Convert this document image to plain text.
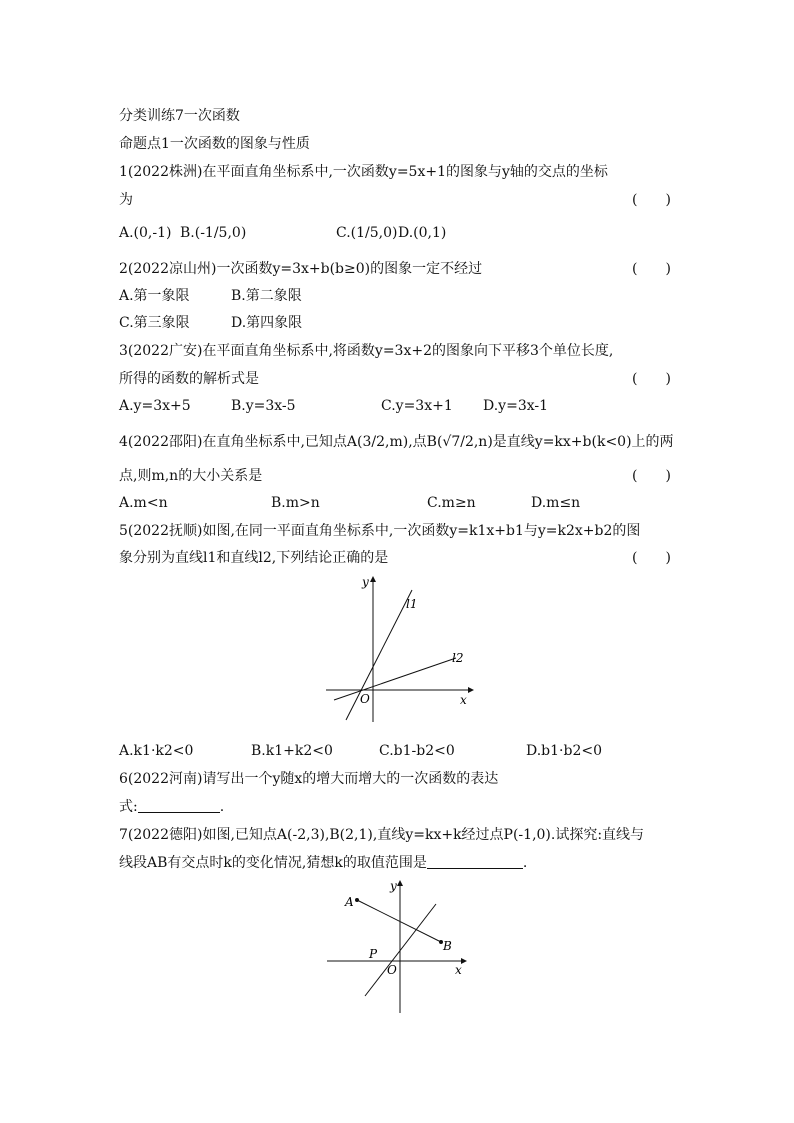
分类训练7一次函数
命题点1一次函数的图象与性质
1(2022株洲)在平面直角坐标系中,一次函数y=5x+1的图象与y轴的交点的坐标
为	(　　)
A.(0,-1) B.(-1/5,0)	C.(1/5,0) D.(0,1)
2(2022凉山州)一次函数y=3x+b(b≥0)的图象一定不经过	(　　)
A.第一象限	B.第二象限
C.第三象限	D.第四象限
3(2022广安)在平面直角坐标系中,将函数y=3x+2的图象向下平移3个单位长度,
所得的函数的解析式是	(　　)
A.y=3x+5	B.y=3x-5	C.y=3x+1 D.y=3x-1
4(2022邵阳)在直角坐标系中,已知点A(3/2,m),点B(√7/2,n)是直线y=kx+b(k<0)上的两
点,则m,n的大小关系是	(　　)
A.m<n	B.m>n	C.m≥n	D.m≤n
5(2022抚顺)如图,在同一平面直角坐标系中,一次函数y=k1x+b1与y=k2x+b2的图
象分别为直线l1和直线l2,下列结论正确的是	(　　)
y
x
O
l1
l2
A.k1·k2<0	B.k1+k2<0	C.b1-b2<0	D.b1·b2<0
6(2022河南)请写出一个y随x的增大而增大的一次函数的表达
式:	.
7(2022德阳)如图,已知点A(-2,3),B(2,1),直线y=kx+k经过点P(-1,0).试探究:直线与
线段AB有交点时k的变化情况,猜想k的取值范围是	.
y
x
O
A
B
P
